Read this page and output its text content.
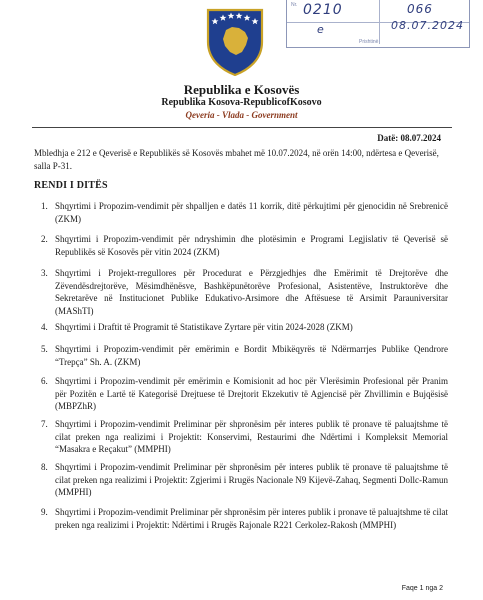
Nr. 0210	066
e	08.07.2024
Prishtinë
Republika e Kosovës
Republika Kosova-RepublicofKosovo
Qeveria - Vlada - Government
Datë: 08.07.2024
Mbledhja e 212 e Qeverisë e Republikës së Kosovës mbahet më 10.07.2024, në orën 14:00, ndërtesa e Qeverisë, salla P-31.
RENDI I DITËS
1. Shqyrtimi i Propozim-vendimit për shpalljen e datës 11 korrik, ditë përkujtimi për gjenocidin në Srebrenicë (ZKM)
2. Shqyrtimi i Propozim-vendimit për ndryshimin dhe plotësimin e Programi Legjislativ të Qeverisë së Republikës së Kosovës për vitin 2024 (ZKM)
3. Shqyrtimi i Projekt-rregullores për Procedurat e Përzgjedhjes dhe Emërimit të Drejtorëve dhe Zëvendësdrejtorëve, Mësimdhënësve, Bashkëpunëtorëve Profesional, Asistentëve, Instruktorëve dhe Sekretarëve në Institucionet Publike Edukativo-Arsimore dhe Aftësuese të Arsimit Parauniversitar (MAShTI)
4. Shqyrtimi i Draftit të Programit të Statistikave Zyrtare për vitin 2024-2028 (ZKM)
5. Shqyrtimi i Propozim-vendimit për emërimin e Bordit Mbikëqyrës të Ndërmarrjes Publike Qendrore “Trepça” Sh. A. (ZKM)
6. Shqyrtimi i Propozim-vendimit për emërimin e Komisionit ad hoc për Vlerësimin Profesional për Pranim për Pozitën e Lartë të Kategorisë Drejtuese të Drejtorit Ekzekutiv të Agjencisë për Zhvillimin e Bujqësisë (MBPZhR)
7. Shqyrtimi i Propozim-vendimit Preliminar për shpronësim për interes publik të pronave të paluajtshme të cilat preken nga realizimi i Projektit: Konservimi, Restaurimi dhe Ndërtimi i Kompleksit Memorial “Masakra e Reçakut” (MMPHI)
8. Shqyrtimi i Propozim-vendimit Preliminar për shpronësim për interes publik të pronave të paluajtshme të cilat preken nga realizimi i Projektit: Zgjerimi i Rrugës Nacionale N9 Kijevë-Zahaq, Segmenti Dollc-Ramun (MMPHI)
9. Shqyrtimi i Propozim-vendimit Preliminar për shpronësim për interes publik i pronave të paluajtshme të cilat preken nga realizimi i Projektit: Ndërtimi i Rrugës Rajonale R221 Cerkolez-Rakosh (MMPHI)
Faqe 1 nga 2
